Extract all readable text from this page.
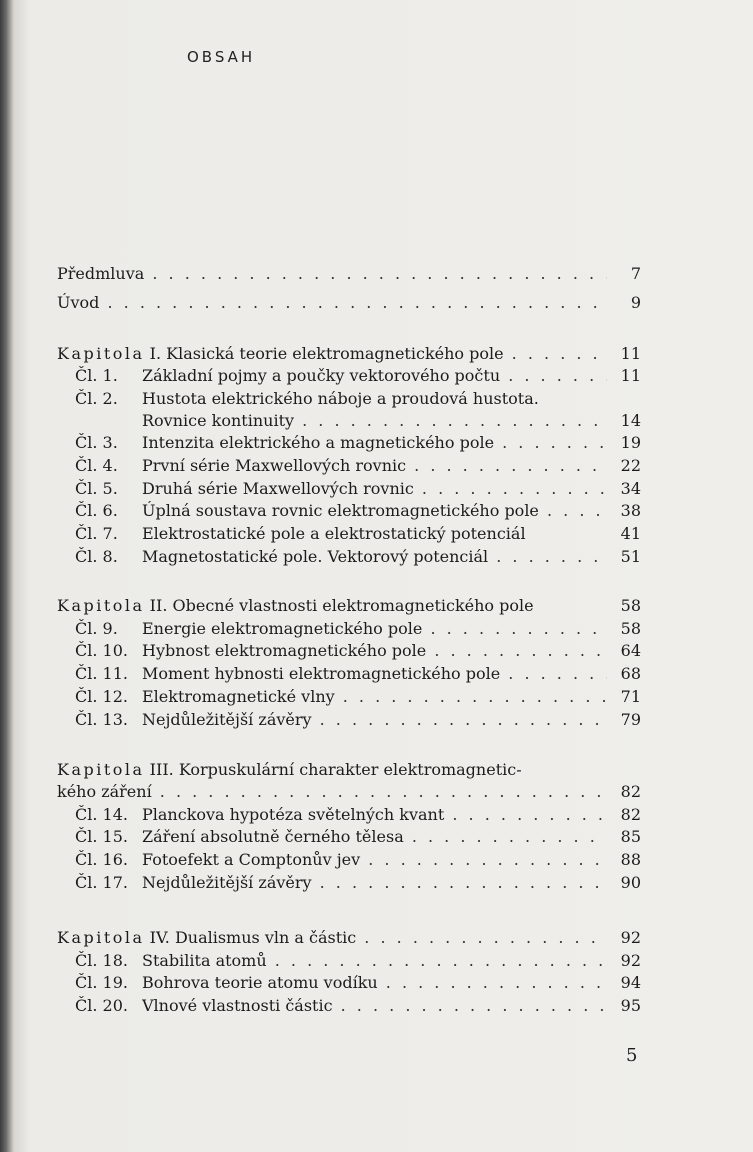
OBSAH
Předmluva . . .	7
Úvod . . .	9
Kapitola I. Klasická teorie elektromagnetického pole . . .	11
Čl. 1.	Základní pojmy a poučky vektorového počtu . . .	11
Čl. 2.	Hustota elektrického náboje a proudová hustota.
Rovnice kontinuity . . .	14
Čl. 3.	Intenzita elektrického a magnetického pole . . .	19
Čl. 4.	První série Maxwellových rovnic . . .	22
Čl. 5.	Druhá série Maxwellových rovnic . . .	34
Čl. 6.	Úplná soustava rovnic elektromagnetického pole . . .	38
Čl. 7.	Elektrostatické pole a elektrostatický potenciál	41
Čl. 8.	Magnetostatické pole. Vektorový potenciál . . .	51
Kapitola II. Obecné vlastnosti elektromagnetického pole	58
Čl. 9.	Energie elektromagnetického pole . . .	58
Čl. 10. Hybnost elektromagnetického pole . . .	64
Čl. 11. Moment hybnosti elektromagnetického pole . . .	68
Čl. 12. Elektromagnetické vlny . . .	71
Čl. 13. Nejdůležitější závěry . . .	79
Kapitola III. Korpuskulární charakter elektromagnetic-
kého záření . . .	82
Čl. 14. Planckova hypotéza světelných kvant . . .	82
Čl. 15. Záření absolutně černého tělesa . . .	85
Čl. 16. Fotoefekt a Comptonův jev . . .	88
Čl. 17. Nejdůležitější závěry . . .	90
Kapitola IV. Dualismus vln a částic . . .	92
Čl. 18. Stabilita atomů . . .	92
Čl. 19. Bohrova teorie atomu vodíku . . .	94
Čl. 20. Vlnové vlastnosti částic . . .	95
5
